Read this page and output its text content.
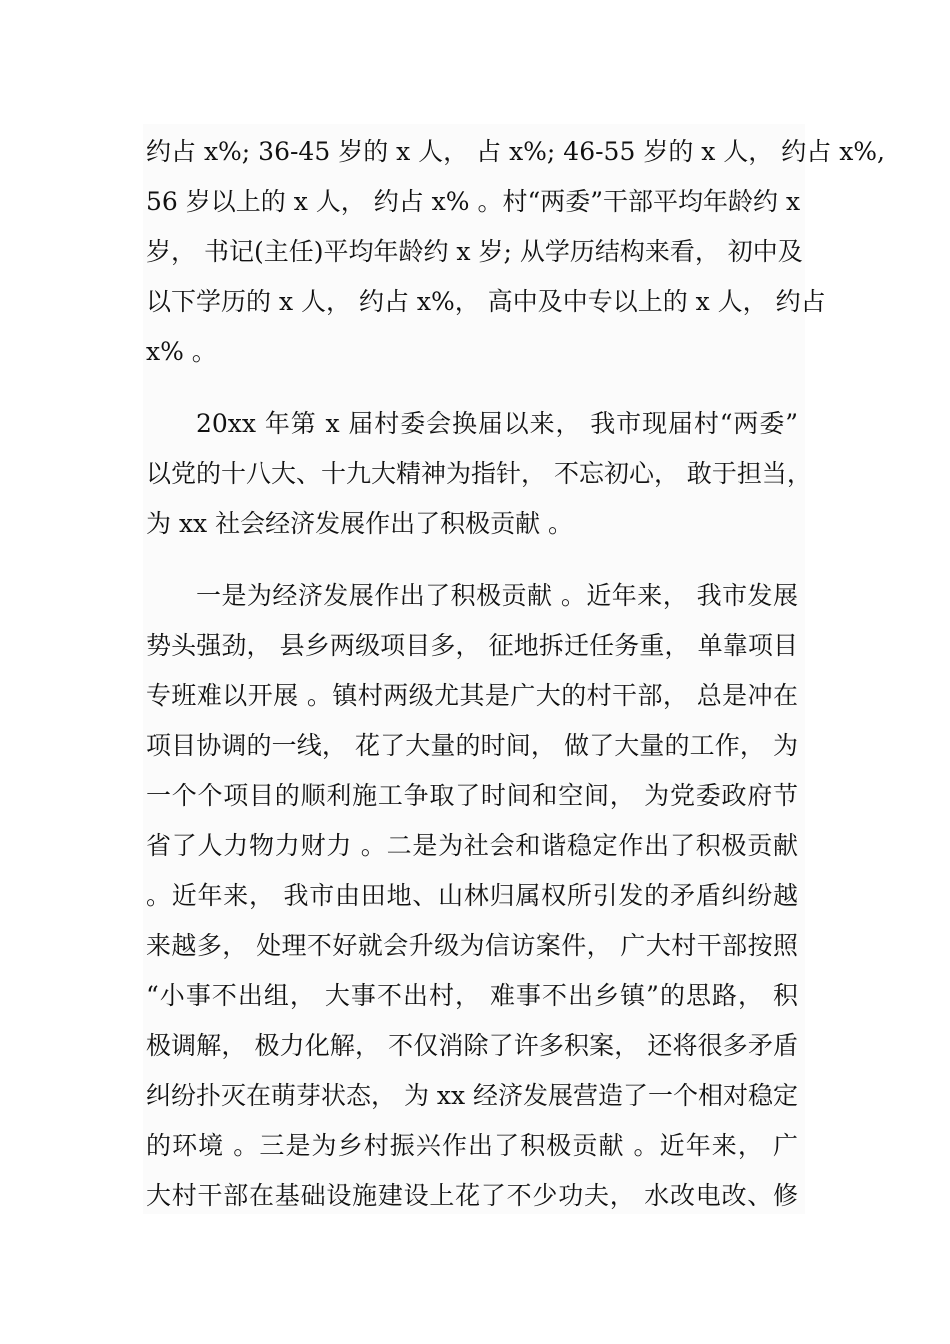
约占 x%; 36-45 岁的 x 人， 占 x%; 46-55 岁的 x 人， 约占 x%,
56 岁以上的 x 人， 约占 x% 。村“两委”干部平均年龄约 x
岁， 书记(主任)平均年龄约 x 岁; 从学历结构来看， 初中及
以下学历的 x 人， 约占 x%， 高中及中专以上的 x 人， 约占
x% 。
20xx 年第 x 届村委会换届以来， 我市现届村“两委”
以党的十八大、十九大精神为指针， 不忘初心， 敢于担当，
为 xx 社会经济发展作出了积极贡献 。
一是为经济发展作出了积极贡献 。近年来， 我市发展
势头强劲， 县乡两级项目多， 征地拆迁任务重， 单靠项目
专班难以开展 。镇村两级尤其是广大的村干部， 总是冲在
项目协调的一线， 花了大量的时间， 做了大量的工作， 为
一个个项目的顺利施工争取了时间和空间， 为党委政府节
省了人力物力财力 。二是为社会和谐稳定作出了积极贡献
。近年来， 我市由田地、山林归属权所引发的矛盾纠纷越
来越多， 处理不好就会升级为信访案件， 广大村干部按照
“小事不出组， 大事不出村， 难事不出乡镇”的思路， 积
极调解， 极力化解， 不仅消除了许多积案， 还将很多矛盾
纠纷扑灭在萌芽状态， 为 xx 经济发展营造了一个相对稳定
的环境 。三是为乡村振兴作出了积极贡献 。近年来， 广
大村干部在基础设施建设上花了不少功夫， 水改电改、修
